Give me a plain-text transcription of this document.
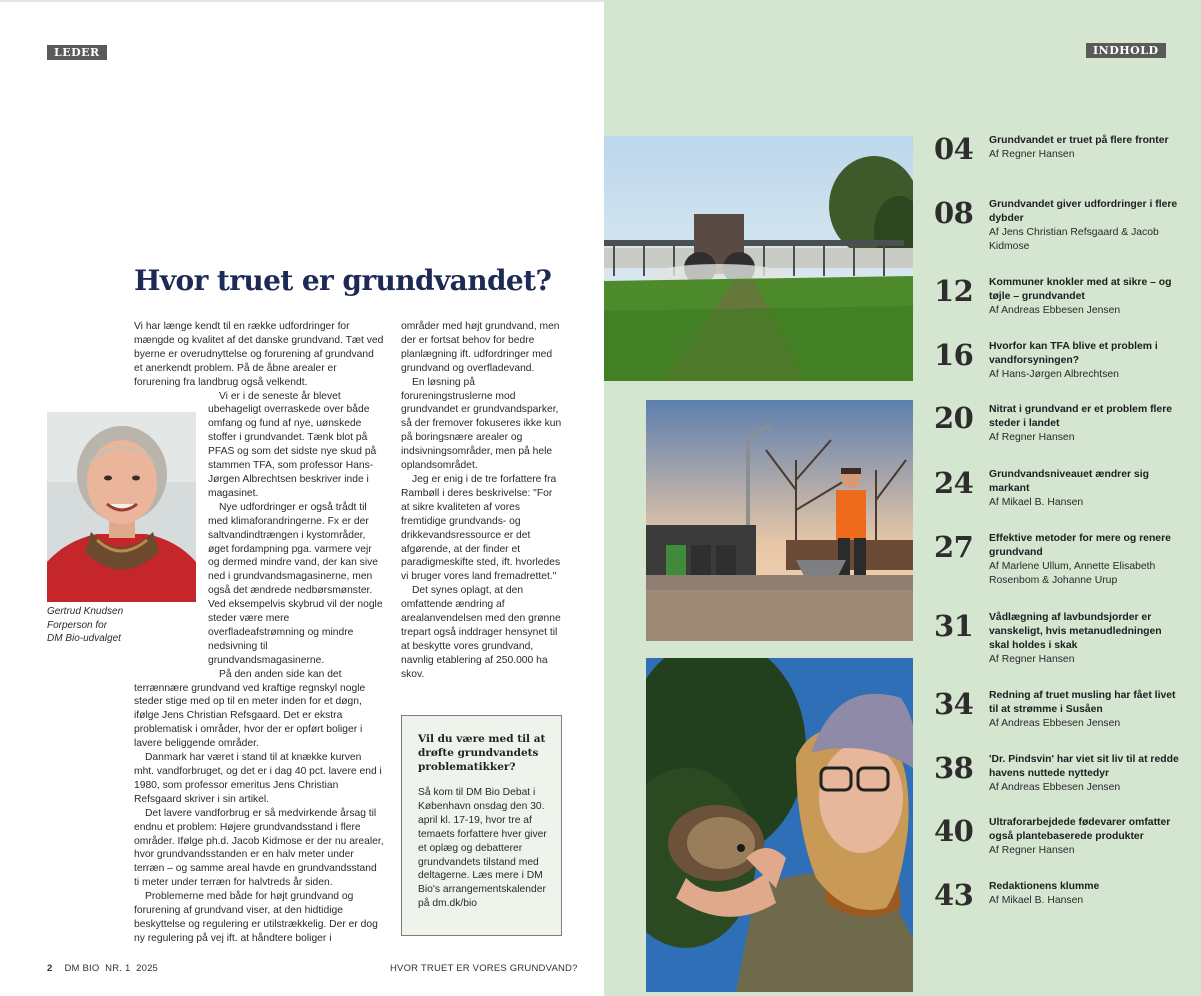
LEDER
Hvor truet er grundvandet?

Vi har længe kendt til en række udfordringer for mængde og kvalitet af det danske grundvand. Tæt ved byerne er overudnyttelse og forurening af grundvand et anerkendt problem. På de åbne arealer er forurening fra landbrug også velkendt.

Vi er i de seneste år blevet ubehageligt overraskede over både omfang og fund af nye, uønskede stoffer i grundvandet. Tænk blot på PFAS og som det sidste nye skud på stammen TFA, som professor Hans-Jørgen Albrechtsen beskriver inde i magasinet.

Nye udfordringer er også trådt til med klimaforandringerne. Fx er der saltvandindtrængen i kystområder, øget fordampning pga. varmere vejr og dermed mindre vand, der kan sive ned i grundvandsmagasinerne, men også det ændrede nedbørsmønster. Ved eksempelvis skybrud vil der nogle steder være mere overfladeafstrømning og mindre nedsivning til grundvandsmagasinerne.

På den anden side kan det terrænnære grundvand ved kraftige regnskyl nogle steder stige med op til en meter inden for et døgn, ifølge Jens Christian Refsgaard. Det er ekstra problematisk i områder, hvor der er opført boliger i lavere beliggende områder.

Danmark har været i stand til at knække kurven mht. vandforbruget, og det er i dag 40 pct. lavere end i 1980, som professor emeritus Jens Christian Refsgaard skriver i sin artikel.

Det lavere vandforbrug er så medvirkende årsag til endnu et problem: Højere grundvandsstand i flere områder. Ifølge ph.d. Jacob Kidmose er der nu arealer, hvor grundvandsstanden er en halv meter under terræn – og samme areal havde en grundvandsstand ti meter under terræn for halvtreds år siden.

Problemerne med både for højt grundvand og forurening af grundvand viser, at den hidtidige beskyttelse og regulering er utilstrækkelig. Der er dog ny regulering på vej ift. at håndtere boliger i

områder med højt grundvand, men der er fortsat behov for bedre planlægning ift. udfordringer med grundvand og overfladevand.

En løsning på forureningstruslerne mod grundvandet er grundvandsparker, så der fremover fokuseres ikke kun på boringsnære arealer og indsivningsområder, men på hele oplandsområdet.

Jeg er enig i de tre forfattere fra Rambøll i deres beskrivelse: "For at sikre kvaliteten af vores fremtidige grundvands- og drikkevandsressource er det afgørende, at der finder et paradigmeskifte sted, ift. hvorledes vi bruger vores land fremadrettet."

Det synes oplagt, at den omfattende ændring af arealanvendelsen med den grønne trepart også inddrager hensynet til at beskytte vores grundvand, navnlig etablering af 250.000 ha skov.

Gertrud Knudsen
Forperson for
DM Bio-udvalget
Vil du være med til at drøfte grundvandets problematikker?
Så kom til DM Bio Debat i København onsdag den 30. april kl. 17-19, hvor tre af temaets forfattere hver giver et oplæg og debatterer grundvandets tilstand med deltagerne. Læs mere i DM Bio's arrangementskalender på dm.dk/bio
2 DM BIO  NR. 1  2025	HVOR TRUET ER VORES GRUNDVAND?
INDHOLD
04 Grundvandet er truet på flere fronter
Af Regner Hansen
08 Grundvandet giver udfordringer i flere dybder
Af Jens Christian Refsgaard & Jacob Kidmose
12 Kommuner knokler med at sikre – og tøjle – grundvandet
Af Andreas Ebbesen Jensen
16 Hvorfor kan TFA blive et problem i vandforsyningen?
Af Hans-Jørgen Albrechtsen
20 Nitrat i grundvand er et problem flere steder i landet
Af Regner Hansen
24 Grundvandsniveauet ændrer sig markant
Af Mikael B. Hansen
27 Effektive metoder for mere og renere grundvand
Af Marlene Ullum, Annette Elisabeth Rosenbom & Johanne Urup
31 Vådlægning af lavbundsjorder er vanskeligt, hvis metanudledningen skal holdes i skak
Af Regner Hansen
34 Redning af truet musling har fået livet til at strømme i Susåen
Af Andreas Ebbesen Jensen
38 'Dr. Pindsvin' har viet sit liv til at redde havens nuttede nyttedyr
Af Andreas Ebbesen Jensen
40 Ultraforarbejdede fødevarer omfatter også plantebaserede produkter
Af Regner Hansen
43 Redaktionens klumme
Af Mikael B. Hansen
